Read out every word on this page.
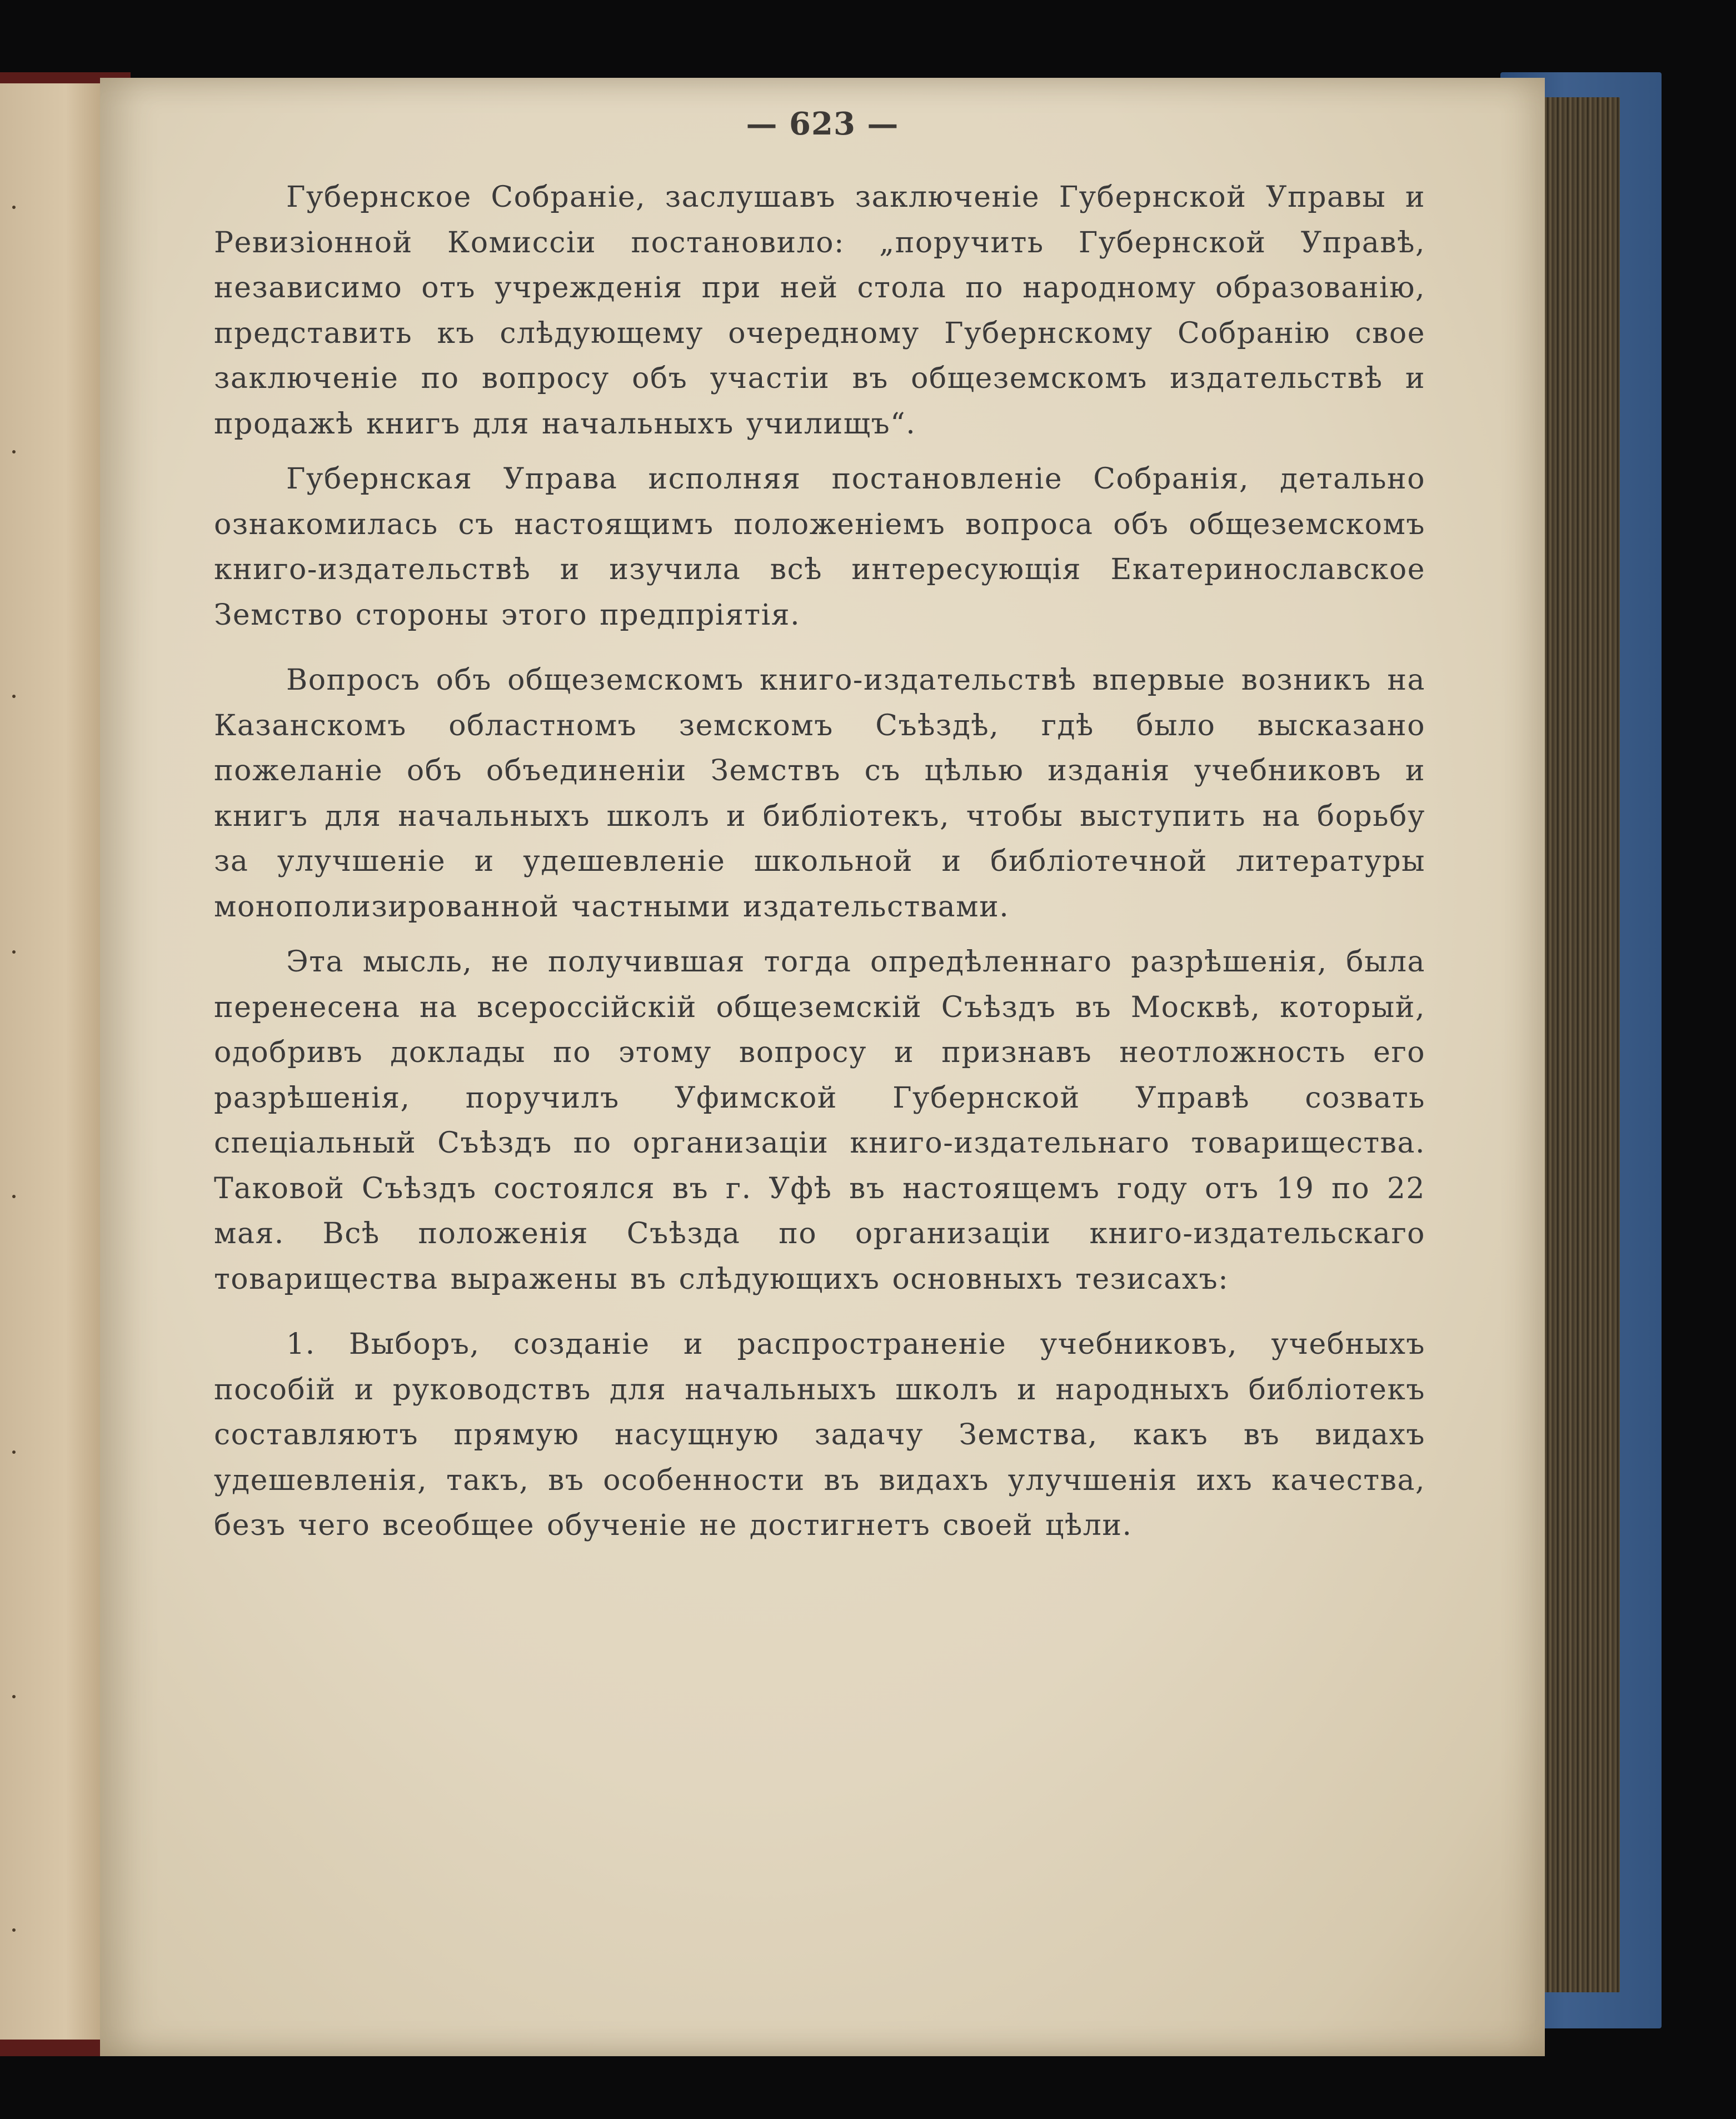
— 623 —

Губернское Собраніе, заслушавъ заключеніе Губернской Управы и Ревизіонной Комиссіи постановило: „поручить Губернской Управѣ, независимо отъ учрежденія при ней стола по народному образованію, представить къ слѣдующему очередному Губернскому Собранію свое заключеніе по вопросу объ участіи въ общеземскомъ издательствѣ и продажѣ книгъ для начальныхъ училищъ“.

Губернская Управа исполняя постановленіе Собранія, детально ознакомилась съ настоящимъ положеніемъ вопроса объ общеземскомъ книго-издательствѣ и изучила всѣ интересующія Екатеринославское Земство стороны этого предпріятія.

Вопросъ объ общеземскомъ книго-издательствѣ впервые возникъ на Казанскомъ областномъ земскомъ Съѣздѣ, гдѣ было высказано пожеланіе объ объединеніи Земствъ съ цѣлью изданія учебниковъ и книгъ для начальныхъ школъ и библіотекъ, чтобы выступить на борьбу за улучшеніе и удешевленіе школьной и библіотечной литературы монополизированной частными издательствами.

Эта мысль, не получившая тогда опредѣленнаго разрѣшенія, была перенесена на всероссійскій общеземскій Съѣздъ въ Москвѣ, который, одобривъ доклады по этому вопросу и признавъ неотложность его разрѣшенія, поручилъ Уфимской Губернской Управѣ созвать спеціальный Съѣздъ по организаціи книго-издательнаго товарищества. Таковой Съѣздъ состоялся въ г. Уфѣ въ настоящемъ году отъ 19 по 22 мая. Всѣ положенія Съѣзда по организаціи книго-издательскаго товарищества выражены въ слѣдующихъ основныхъ тезисахъ:

1. Выборъ, созданіе и распространеніе учебниковъ, учебныхъ пособій и руководствъ для начальныхъ школъ и народныхъ библіотекъ составляютъ прямую насущную задачу Земства, какъ въ видахъ удешевленія, такъ, въ особенности въ видахъ улучшенія ихъ качества, безъ чего всеобщее обученіе не достигнетъ своей цѣли.
